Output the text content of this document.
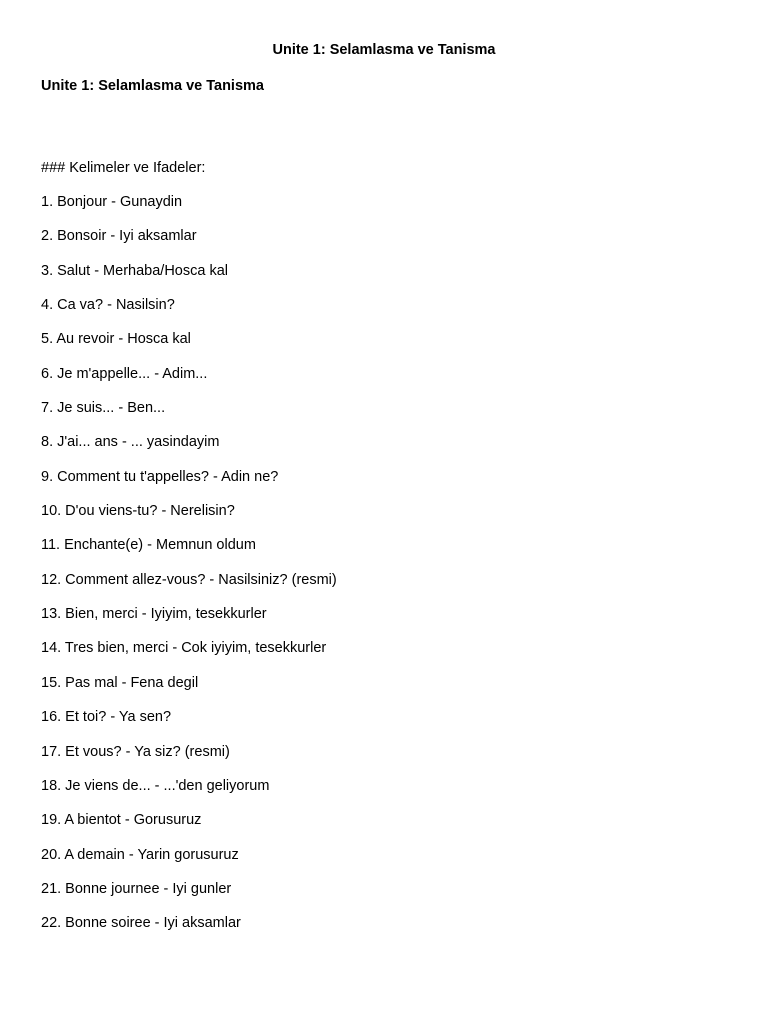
Unite 1: Selamlasma ve Tanisma
Unite 1: Selamlasma ve Tanisma
### Kelimeler ve Ifadeler:
1. Bonjour - Gunaydin
2. Bonsoir - Iyi aksamlar
3. Salut - Merhaba/Hosca kal
4. Ca va? - Nasilsin?
5. Au revoir - Hosca kal
6. Je m'appelle... - Adim...
7. Je suis... - Ben...
8. J'ai... ans - ... yasindayim
9. Comment tu t'appelles? - Adin ne?
10. D'ou viens-tu? - Nerelisin?
11. Enchante(e) - Memnun oldum
12. Comment allez-vous? - Nasilsiniz? (resmi)
13. Bien, merci - Iyiyim, tesekkurler
14. Tres bien, merci - Cok iyiyim, tesekkurler
15. Pas mal - Fena degil
16. Et toi? - Ya sen?
17. Et vous? - Ya siz? (resmi)
18. Je viens de... - ...'den geliyorum
19. A bientot - Gorusuruz
20. A demain - Yarin gorusuruz
21. Bonne journee - Iyi gunler
22. Bonne soiree - Iyi aksamlar
